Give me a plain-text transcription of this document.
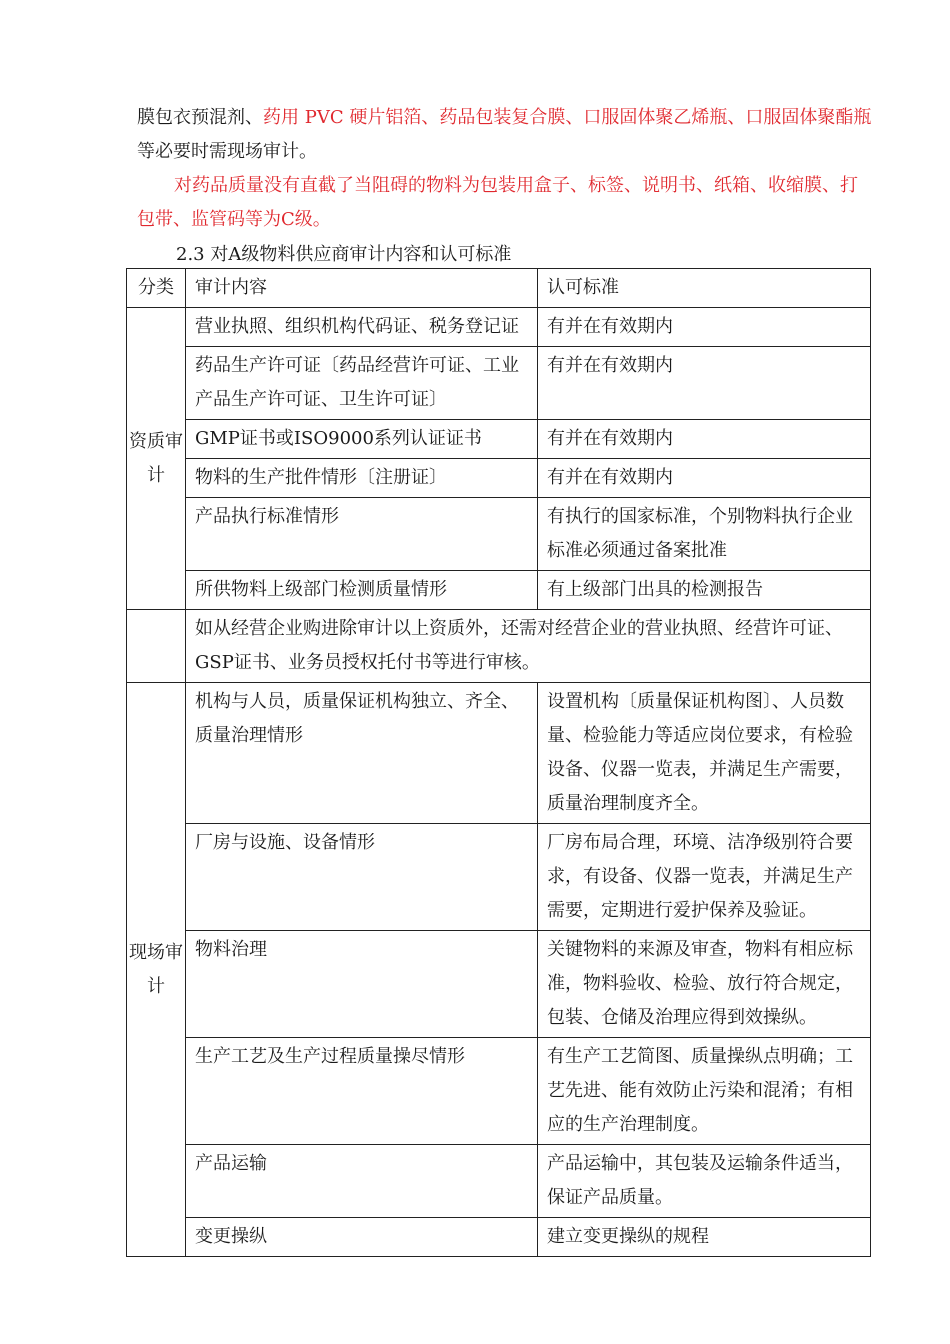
膜包衣预混剂、药用 PVC 硬片铝箔、药品包装复合膜、口服固体聚乙烯瓶、口服固体聚酯瓶等必要时需现场审计。

对药品质量没有直截了当阻碍的物料为包装用盒子、标签、说明书、纸箱、收缩膜、打包带、监管码等为C级。

2.3 对A级物料供应商审计内容和认可标准
分类	审计内容	认可标准
资质审计	营业执照、组织机构代码证、税务登记证	有并在有效期内
	药品生产许可证〔药品经营许可证、工业产品生产许可证、卫生许可证〕	有并在有效期内
	GMP证书或ISO9000系列认证证书	有并在有效期内
	物料的生产批件情形〔注册证〕	有并在有效期内
	产品执行标准情形	有执行的国家标准，个别物料执行企业标准必须通过备案批准
	所供物料上级部门检测质量情形	有上级部门出具的检测报告
	如从经营企业购进除审计以上资质外，还需对经营企业的营业执照、经营许可证、GSP证书、业务员授权托付书等进行审核。	
现场审计	机构与人员，质量保证机构独立、齐全、质量治理情形	设置机构〔质量保证机构图〕、人员数量、检验能力等适应岗位要求，有检验设备、仪器一览表，并满足生产需要，质量治理制度齐全。
	厂房与设施、设备情形	厂房布局合理，环境、洁净级别符合要求，有设备、仪器一览表，并满足生产需要，定期进行爱护保养及验证。
	物料治理	关键物料的来源及审查，物料有相应标准，物料验收、检验、放行符合规定，包装、仓储及治理应得到效操纵。
	生产工艺及生产过程质量操尽情形	有生产工艺简图、质量操纵点明确；工艺先进、能有效防止污染和混淆；有相应的生产治理制度。
	产品运输	产品运输中，其包装及运输条件适当，保证产品质量。
	变更操纵	建立变更操纵的规程
